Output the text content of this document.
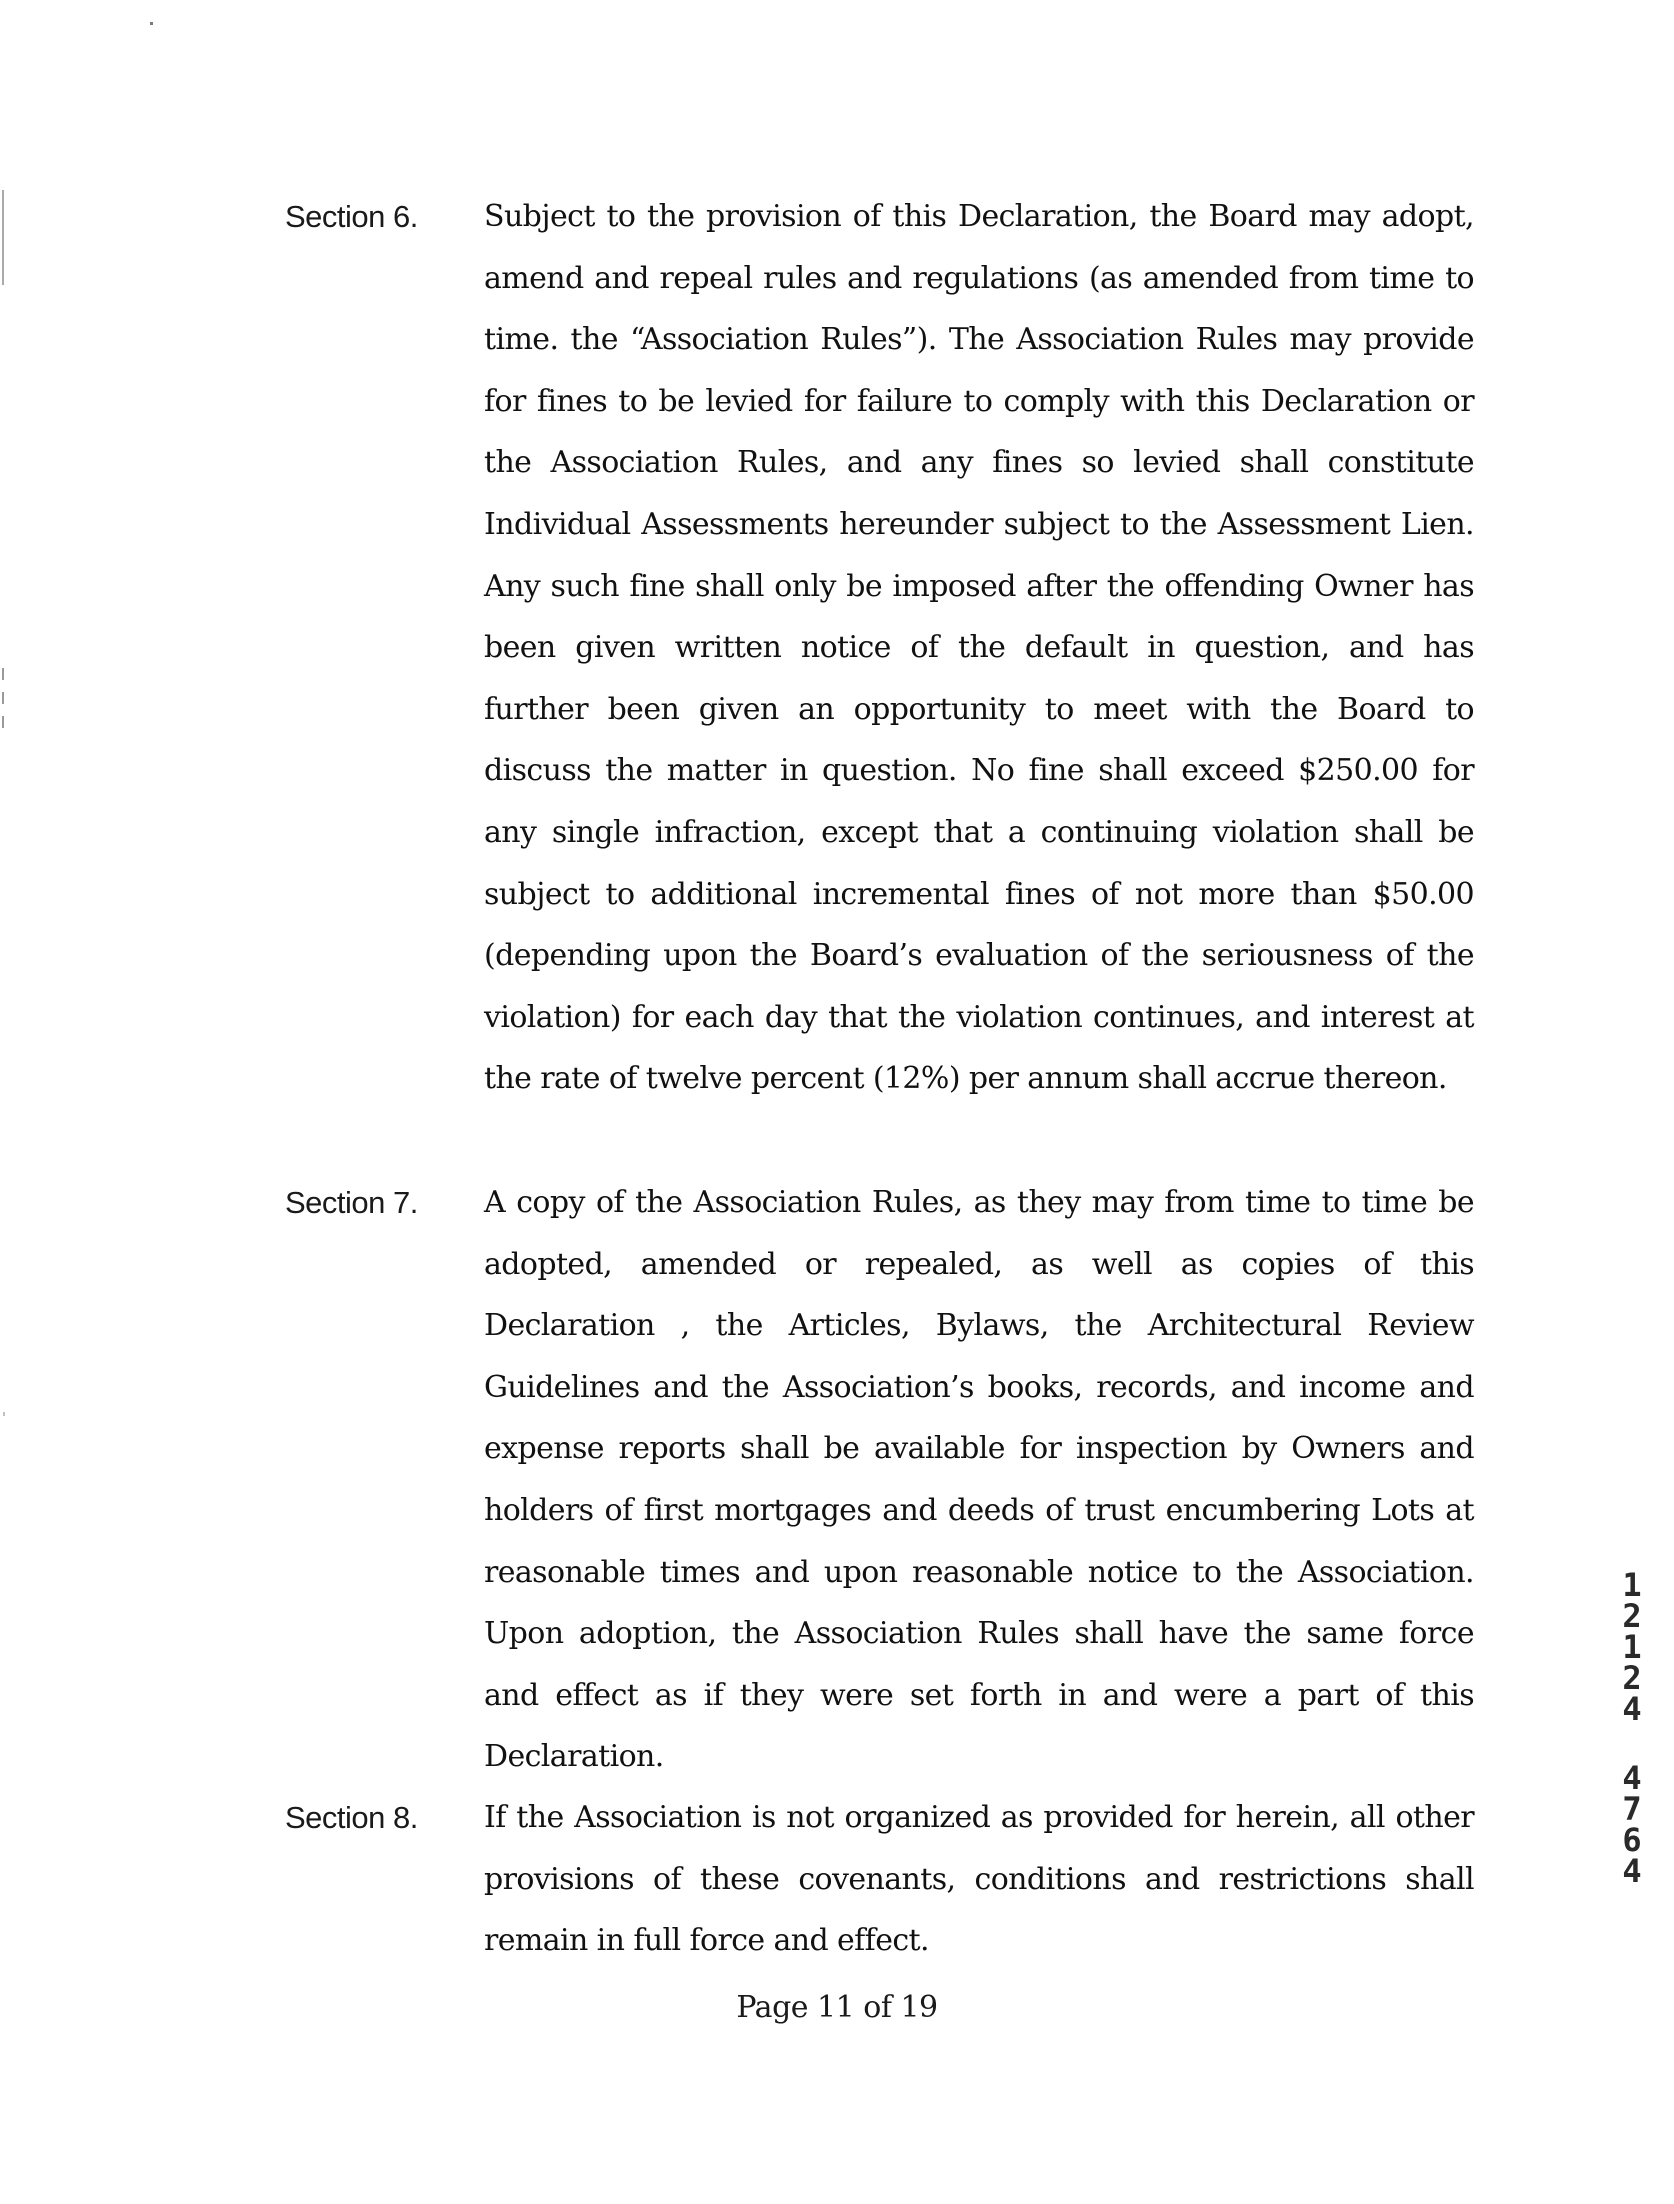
Section 6. Subject to the provision of this Declaration, the Board may adopt, amend and repeal rules and regulations (as amended from time to time. the “Association Rules”). The Association Rules may provide for fines to be levied for failure to comply with this Declaration or the Association Rules, and any fines so levied shall constitute Individual Assessments hereunder subject to the Assessment Lien. Any such fine shall only be imposed after the offending Owner has been given written notice of the default in question, and has further been given an opportunity to meet with the Board to discuss the matter in question. No fine shall exceed $250.00 for any single infraction, except that a continuing violation shall be subject to additional incremental fines of not more than $50.00 (depending upon the Board’s evaluation of the seriousness of the violation) for each day that the violation continues, and interest at the rate of twelve percent (12%) per annum shall accrue thereon.

Section 7. A copy of the Association Rules, as they may from time to time be adopted, amended or repealed, as well as copies of this Declaration , the Articles, Bylaws, the Architectural Review Guidelines and the Association’s books, records, and income and expense reports shall be available for inspection by Owners and holders of first mortgages and deeds of trust encumbering Lots at reasonable times and upon reasonable notice to the Association. Upon adoption, the Association Rules shall have the same force and effect as if they were set forth in and were a part of this Declaration.

Section 8. If the Association is not organized as provided for herein, all other provisions of these covenants, conditions and restrictions shall remain in full force and effect.

Page 11 of 19
1
2
1
2
4
4
7
6
4
